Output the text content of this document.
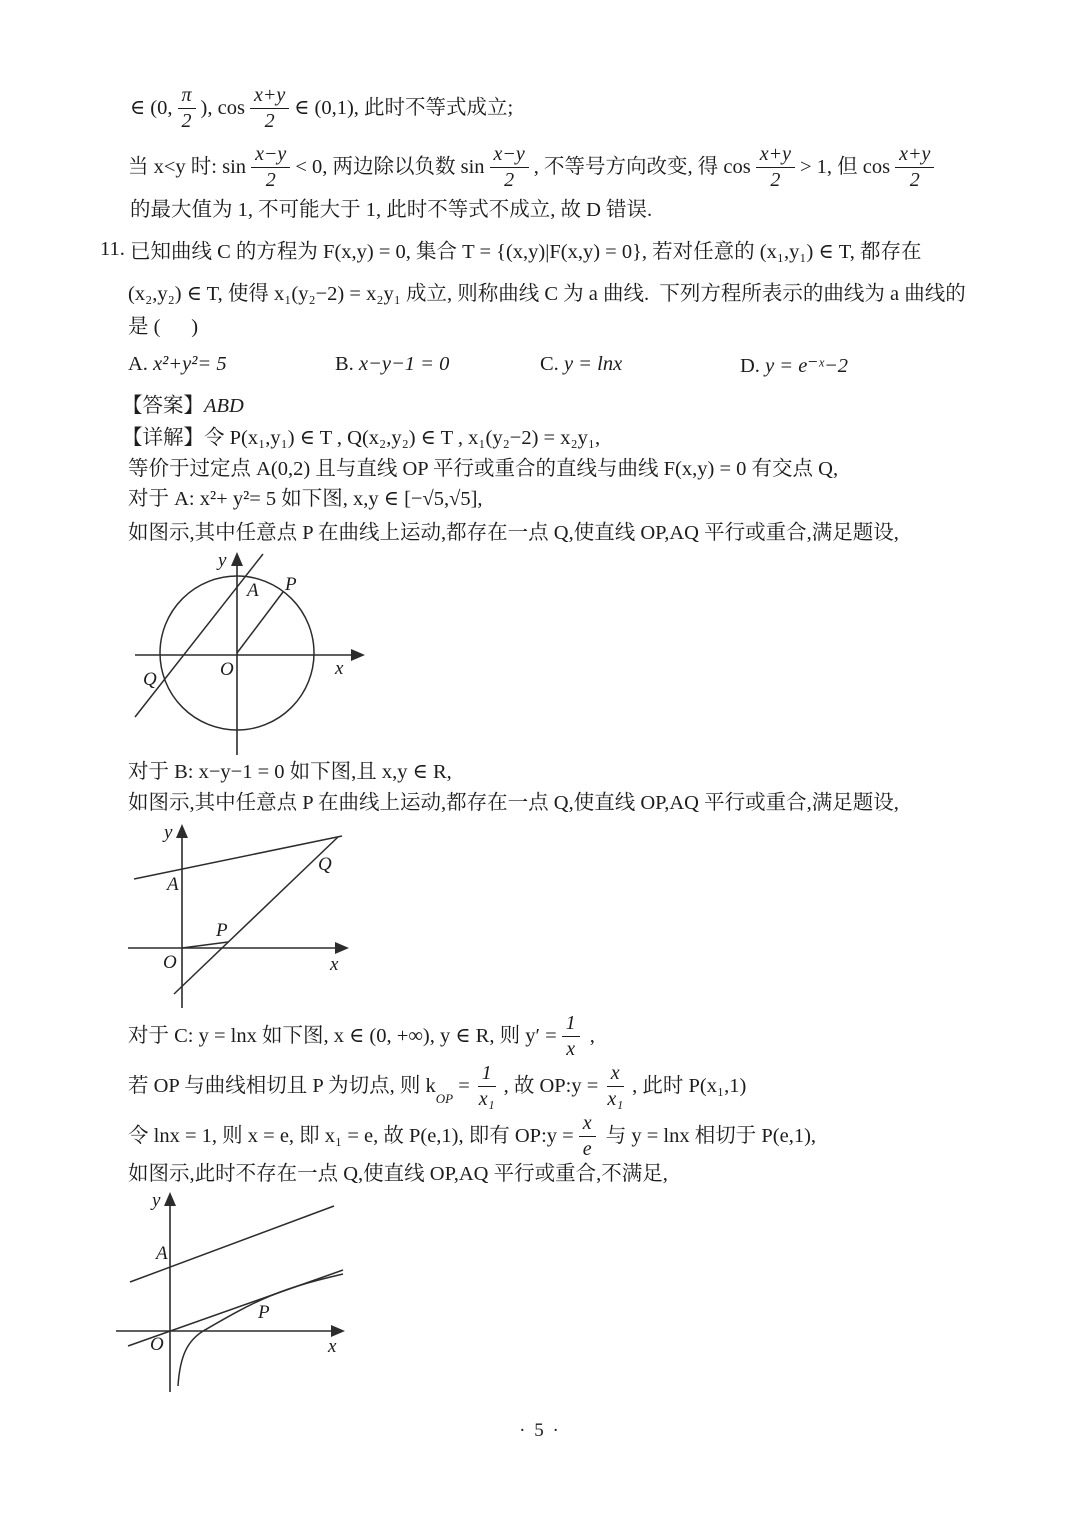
∈ (0,
π
2
), cos
x+y
2
∈ (0,1), 此时不等式成立;
当 x<y 时: sin
x−y
2
< 0, 两边除以负数 sin
x−y
2
, 不等号方向改变, 得 cos
x+y
2
> 1, 但 cos
x+y
2
的最大值为 1, 不可能大于 1, 此时不等式不成立, 故 D 错误.
11. 已知曲线 C 的方程为 F(x,y) = 0, 集合 T = {(x,y)|F(x,y) = 0}, 若对任意的 (x₁,y₁) ∈ T, 都存在
(x₂,y₂) ∈ T, 使得 x₁(y₂−2) = x₂y₁ 成立, 则称曲线 C 为 a 曲线.  下列方程所表示的曲线为 a 曲线的
是 (      )
A. x²+y²= 5	B. x−y−1 = 0	C. y = lnx	D. y = e⁻ˣ−2
【答案】 ABD
【详解】令 P(x₁,y₁) ∈ T , Q(x₂,y₂) ∈ T , x₁(y₂−2) = x₂y₁,
等价于过定点 A(0,2) 且与直线 OP 平行或重合的直线与曲线 F(x,y) = 0 有交点 Q,
对于 A: x²+ y²= 5 如下图, x,y ∈ [−√5,√5],
如图示,其中任意点 P 在曲线上运动,都存在一点 Q,使直线 OP,AQ 平行或重合,满足题设,
y
x
O
A P
Q
对于 B: x−y−1 = 0 如下图,且 x,y ∈ R,
如图示,其中任意点 P 在曲线上运动,都存在一点 Q,使直线 OP,AQ 平行或重合,满足题设,
y
x
O
A
P
Q
对于 C: y = lnx 如下图, x ∈ (0, +∞), y ∈ R, 则 $y' = \frac{1}{x}$ ,
若 OP 与曲线相切且 P 为切点, 则 k
OP
= $\frac{1}{\text{x₁}}$ , 故 OP:y = $\frac{x}{\text{x₁}}$ , 此时 P(x₁,1)
令 lnx = 1, 则 x = e, 即 x₁ = e, 故 P(e,1), 即有 OP:y = $\frac{x}{e}$ 与 y = lnx 相切于 P(e,1),
如图示,此时不存在一点 Q,使直线 OP,AQ 平行或重合,不满足,
y
x
O
A
P
· 5 ·
